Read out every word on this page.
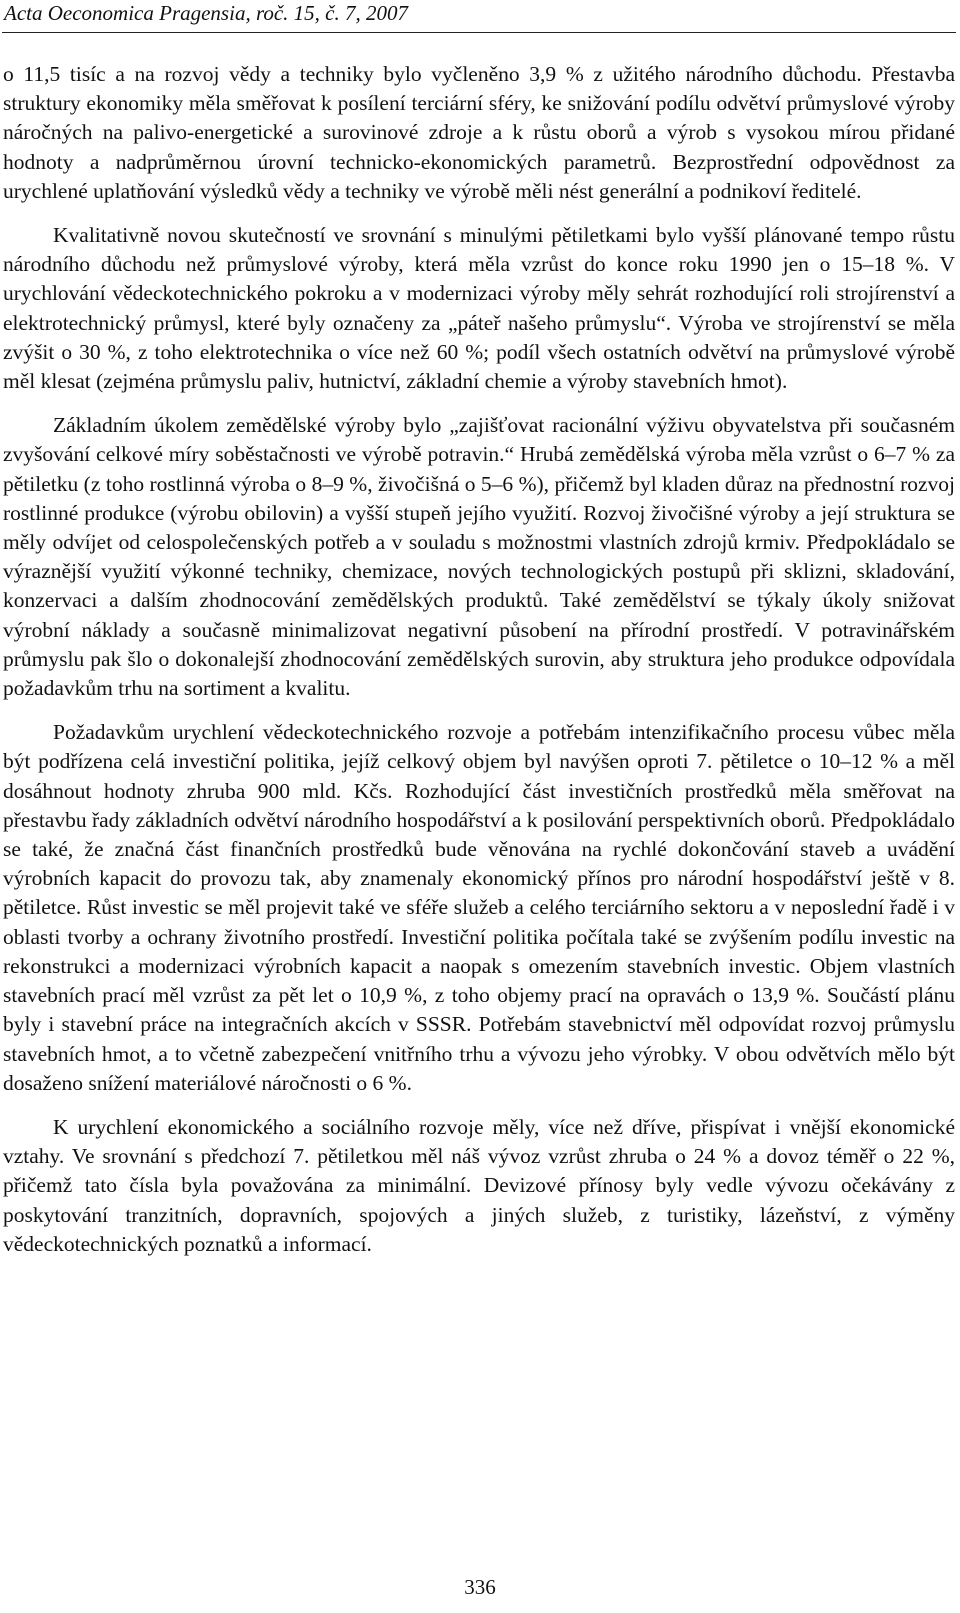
Acta Oeconomica Pragensia, roč. 15, č. 7, 2007

o 11,5 tisíc a na rozvoj vědy a techniky bylo vyčleněno 3,9 % z užitého národního důchodu. Přestavba struktury ekonomiky měla směřovat k posílení terciární sféry, ke snižování podílu odvětví průmyslové výroby náročných na palivo-energetické a surovinové zdroje a k růstu oborů a výrob s vysokou mírou přidané hodnoty a nadprůměrnou úrovní technicko-ekonomických parametrů. Bezprostřední odpovědnost za urychlené uplatňování výsledků vědy a techniky ve výrobě měli nést generální a podnikoví ředitelé.

Kvalitativně novou skutečností ve srovnání s minulými pětiletkami bylo vyšší plánované tempo růstu národního důchodu než průmyslové výroby, která měla vzrůst do konce roku 1990 jen o 15–18 %. V urychlování vědeckotechnického pokroku a v modernizaci výroby měly sehrát rozhodující roli strojírenství a elektrotechnický průmysl, které byly označeny za „páteř našeho průmyslu“. Výroba ve strojírenství se měla zvýšit o 30 %, z toho elektrotechnika o více než 60 %; podíl všech ostatních odvětví na průmyslové výrobě měl klesat (zejména průmyslu paliv, hutnictví, základní chemie a výroby stavebních hmot).

Základním úkolem zemědělské výroby bylo „zajišťovat racionální výživu obyvatelstva při současném zvyšování celkové míry soběstačnosti ve výrobě potravin.“ Hrubá zemědělská výroba měla vzrůst o 6–7 % za pětiletku (z toho rostlinná výroba o 8–9 %, živočišná o 5–6 %), přičemž byl kladen důraz na přednostní rozvoj rostlinné produkce (výrobu obilovin) a vyšší stupeň jejího využití. Rozvoj živočišné výroby a její struktura se měly odvíjet od celospolečenských potřeb a v souladu s možnostmi vlastních zdrojů krmiv. Předpokládalo se výraznější využití výkonné techniky, chemizace, nových technologických postupů při sklizni, skladování, konzervaci a dalším zhodnocování zemědělských produktů. Také zemědělství se týkaly úkoly snižovat výrobní náklady a současně minimalizovat negativní působení na přírodní prostředí. V potravinářském průmyslu pak šlo o dokonalejší zhodnocování zemědělských surovin, aby struktura jeho produkce odpovídala požadavkům trhu na sortiment a kvalitu.

Požadavkům urychlení vědeckotechnického rozvoje a potřebám intenzifikačního procesu vůbec měla být podřízena celá investiční politika, jejíž celkový objem byl navýšen oproti 7. pětiletce o 10–12 % a měl dosáhnout hodnoty zhruba 900 mld. Kčs. Rozhodující část investičních prostředků měla směřovat na přestavbu řady základních odvětví národního hospodářství a k posilování perspektivních oborů. Předpokládalo se také, že značná část finančních prostředků bude věnována na rychlé dokončování staveb a uvádění výrobních kapacit do provozu tak, aby znamenaly ekonomický přínos pro národní hospodářství ještě v 8. pětiletce. Růst investic se měl projevit také ve sféře služeb a celého terciárního sektoru a v neposlední řadě i v oblasti tvorby a ochrany životního prostředí. Investiční politika počítala také se zvýšením podílu investic na rekonstrukci a modernizaci výrobních kapacit a naopak s omezením stavebních investic. Objem vlastních stavebních prací měl vzrůst za pět let o 10,9 %, z toho objemy prací na opravách o 13,9 %. Součástí plánu byly i stavební práce na integračních akcích v SSSR. Potřebám stavebnictví měl odpovídat rozvoj průmyslu stavebních hmot, a to včetně zabezpečení vnitřního trhu a vývozu jeho výrobky. V obou odvětvích mělo být dosaženo snížení materiálové náročnosti o 6 %.

K urychlení ekonomického a sociálního rozvoje měly, více než dříve, přispívat i vnější ekonomické vztahy. Ve srovnání s předchozí 7. pětiletkou měl náš vývoz vzrůst zhruba o 24 % a dovoz téměř o 22 %, přičemž tato čísla byla považována za minimální. Devizové přínosy byly vedle vývozu očekávány z poskytování tranzitních, dopravních, spojových a jiných služeb, z turistiky, lázeňství, z výměny vědeckotechnických poznatků a informací.

336
